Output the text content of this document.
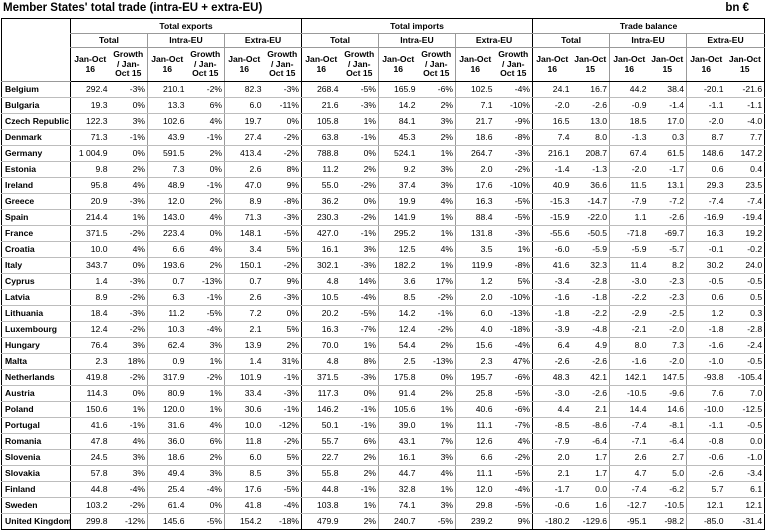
Member States' total trade (intra-EU + extra-EU)	bn €
	Total exports						Total imports						Trade balance					
	Total		Intra-EU		Extra-EU		Total		Intra-EU		Extra-EU		Total		Intra-EU		Extra-EU	
	Jan-Oct 16	Growth / Jan-Oct 15	Jan-Oct 16	Growth / Jan-Oct 15	Jan-Oct 16	Growth / Jan-Oct 15	Jan-Oct 16	Growth / Jan-Oct 15	Jan-Oct 16	Growth / Jan-Oct 15	Jan-Oct 16	Growth / Jan-Oct 15	Jan-Oct 16	Jan-Oct 15	Jan-Oct 16	Jan-Oct 15	Jan-Oct 16	Jan-Oct 15
Belgium	292.4	-3%	210.1	-2%	82.3	-3%	268.4	-5%	165.9	-6%	102.5	-4%	24.1	16.7	44.2	38.4	-20.1	-21.6
Bulgaria	19.3	0%	13.3	6%	6.0	-11%	21.6	-3%	14.2	2%	7.1	-10%	-2.0	-2.6	-0.9	-1.4	-1.1	-1.1
Czech Republic	122.3	3%	102.6	4%	19.7	0%	105.8	1%	84.1	3%	21.7	-9%	16.5	13.0	18.5	17.0	-2.0	-4.0
Denmark	71.3	-1%	43.9	-1%	27.4	-2%	63.8	-1%	45.3	2%	18.6	-8%	7.4	8.0	-1.3	0.3	8.7	7.7
Germany	1 004.9	0%	591.5	2%	413.4	-2%	788.8	0%	524.1	1%	264.7	-3%	216.1	208.7	67.4	61.5	148.6	147.2
Estonia	9.8	2%	7.3	0%	2.6	8%	11.2	2%	9.2	3%	2.0	-2%	-1.4	-1.3	-2.0	-1.7	0.6	0.4
Ireland	95.8	4%	48.9	-1%	47.0	9%	55.0	-2%	37.4	3%	17.6	-10%	40.9	36.6	11.5	13.1	29.3	23.5
Greece	20.9	-3%	12.0	2%	8.9	-8%	36.2	0%	19.9	4%	16.3	-5%	-15.3	-14.7	-7.9	-7.2	-7.4	-7.4
Spain	214.4	1%	143.0	4%	71.3	-3%	230.3	-2%	141.9	1%	88.4	-5%	-15.9	-22.0	1.1	-2.6	-16.9	-19.4
France	371.5	-2%	223.4	0%	148.1	-5%	427.0	-1%	295.2	1%	131.8	-3%	-55.6	-50.5	-71.8	-69.7	16.3	19.2
Croatia	10.0	4%	6.6	4%	3.4	5%	16.1	3%	12.5	4%	3.5	1%	-6.0	-5.9	-5.9	-5.7	-0.1	-0.2
Italy	343.7	0%	193.6	2%	150.1	-2%	302.1	-3%	182.2	1%	119.9	-8%	41.6	32.3	11.4	8.2	30.2	24.0
Cyprus	1.4	-3%	0.7	-13%	0.7	9%	4.8	14%	3.6	17%	1.2	5%	-3.4	-2.8	-3.0	-2.3	-0.5	-0.5
Latvia	8.9	-2%	6.3	-1%	2.6	-3%	10.5	-4%	8.5	-2%	2.0	-10%	-1.6	-1.8	-2.2	-2.3	0.6	0.5
Lithuania	18.4	-3%	11.2	-5%	7.2	0%	20.2	-5%	14.2	-1%	6.0	-13%	-1.8	-2.2	-2.9	-2.5	1.2	0.3
Luxembourg	12.4	-2%	10.3	-4%	2.1	5%	16.3	-7%	12.4	-2%	4.0	-18%	-3.9	-4.8	-2.1	-2.0	-1.8	-2.8
Hungary	76.4	3%	62.4	3%	13.9	2%	70.0	1%	54.4	2%	15.6	-4%	6.4	4.9	8.0	7.3	-1.6	-2.4
Malta	2.3	18%	0.9	1%	1.4	31%	4.8	8%	2.5	-13%	2.3	47%	-2.6	-2.6	-1.6	-2.0	-1.0	-0.5
Netherlands	419.8	-2%	317.9	-2%	101.9	-1%	371.5	-3%	175.8	0%	195.7	-6%	48.3	42.1	142.1	147.5	-93.8	-105.4
Austria	114.3	0%	80.9	1%	33.4	-3%	117.3	0%	91.4	2%	25.8	-5%	-3.0	-2.6	-10.5	-9.6	7.6	7.0
Poland	150.6	1%	120.0	1%	30.6	-1%	146.2	-1%	105.6	1%	40.6	-6%	4.4	2.1	14.4	14.6	-10.0	-12.5
Portugal	41.6	-1%	31.6	4%	10.0	-12%	50.1	-1%	39.0	1%	11.1	-7%	-8.5	-8.6	-7.4	-8.1	-1.1	-0.5
Romania	47.8	4%	36.0	6%	11.8	-2%	55.7	6%	43.1	7%	12.6	4%	-7.9	-6.4	-7.1	-6.4	-0.8	0.0
Slovenia	24.5	3%	18.6	2%	6.0	5%	22.7	2%	16.1	3%	6.6	-2%	2.0	1.7	2.6	2.7	-0.6	-1.0
Slovakia	57.8	3%	49.4	3%	8.5	3%	55.8	2%	44.7	4%	11.1	-5%	2.1	1.7	4.7	5.0	-2.6	-3.4
Finland	44.8	-4%	25.4	-4%	17.6	-5%	44.8	-1%	32.8	1%	12.0	-4%	-1.7	0.0	-7.4	-6.2	5.7	6.1
Sweden	103.2	-2%	61.4	0%	41.8	-4%	103.8	1%	74.1	3%	29.8	-5%	-0.6	1.6	-12.7	-10.5	12.1	12.1
United Kingdom	299.8	-12%	145.6	-5%	154.2	-18%	479.9	2%	240.7	-5%	239.2	9%	-180.2	-129.6	-95.1	-98.2	-85.0	-31.4
